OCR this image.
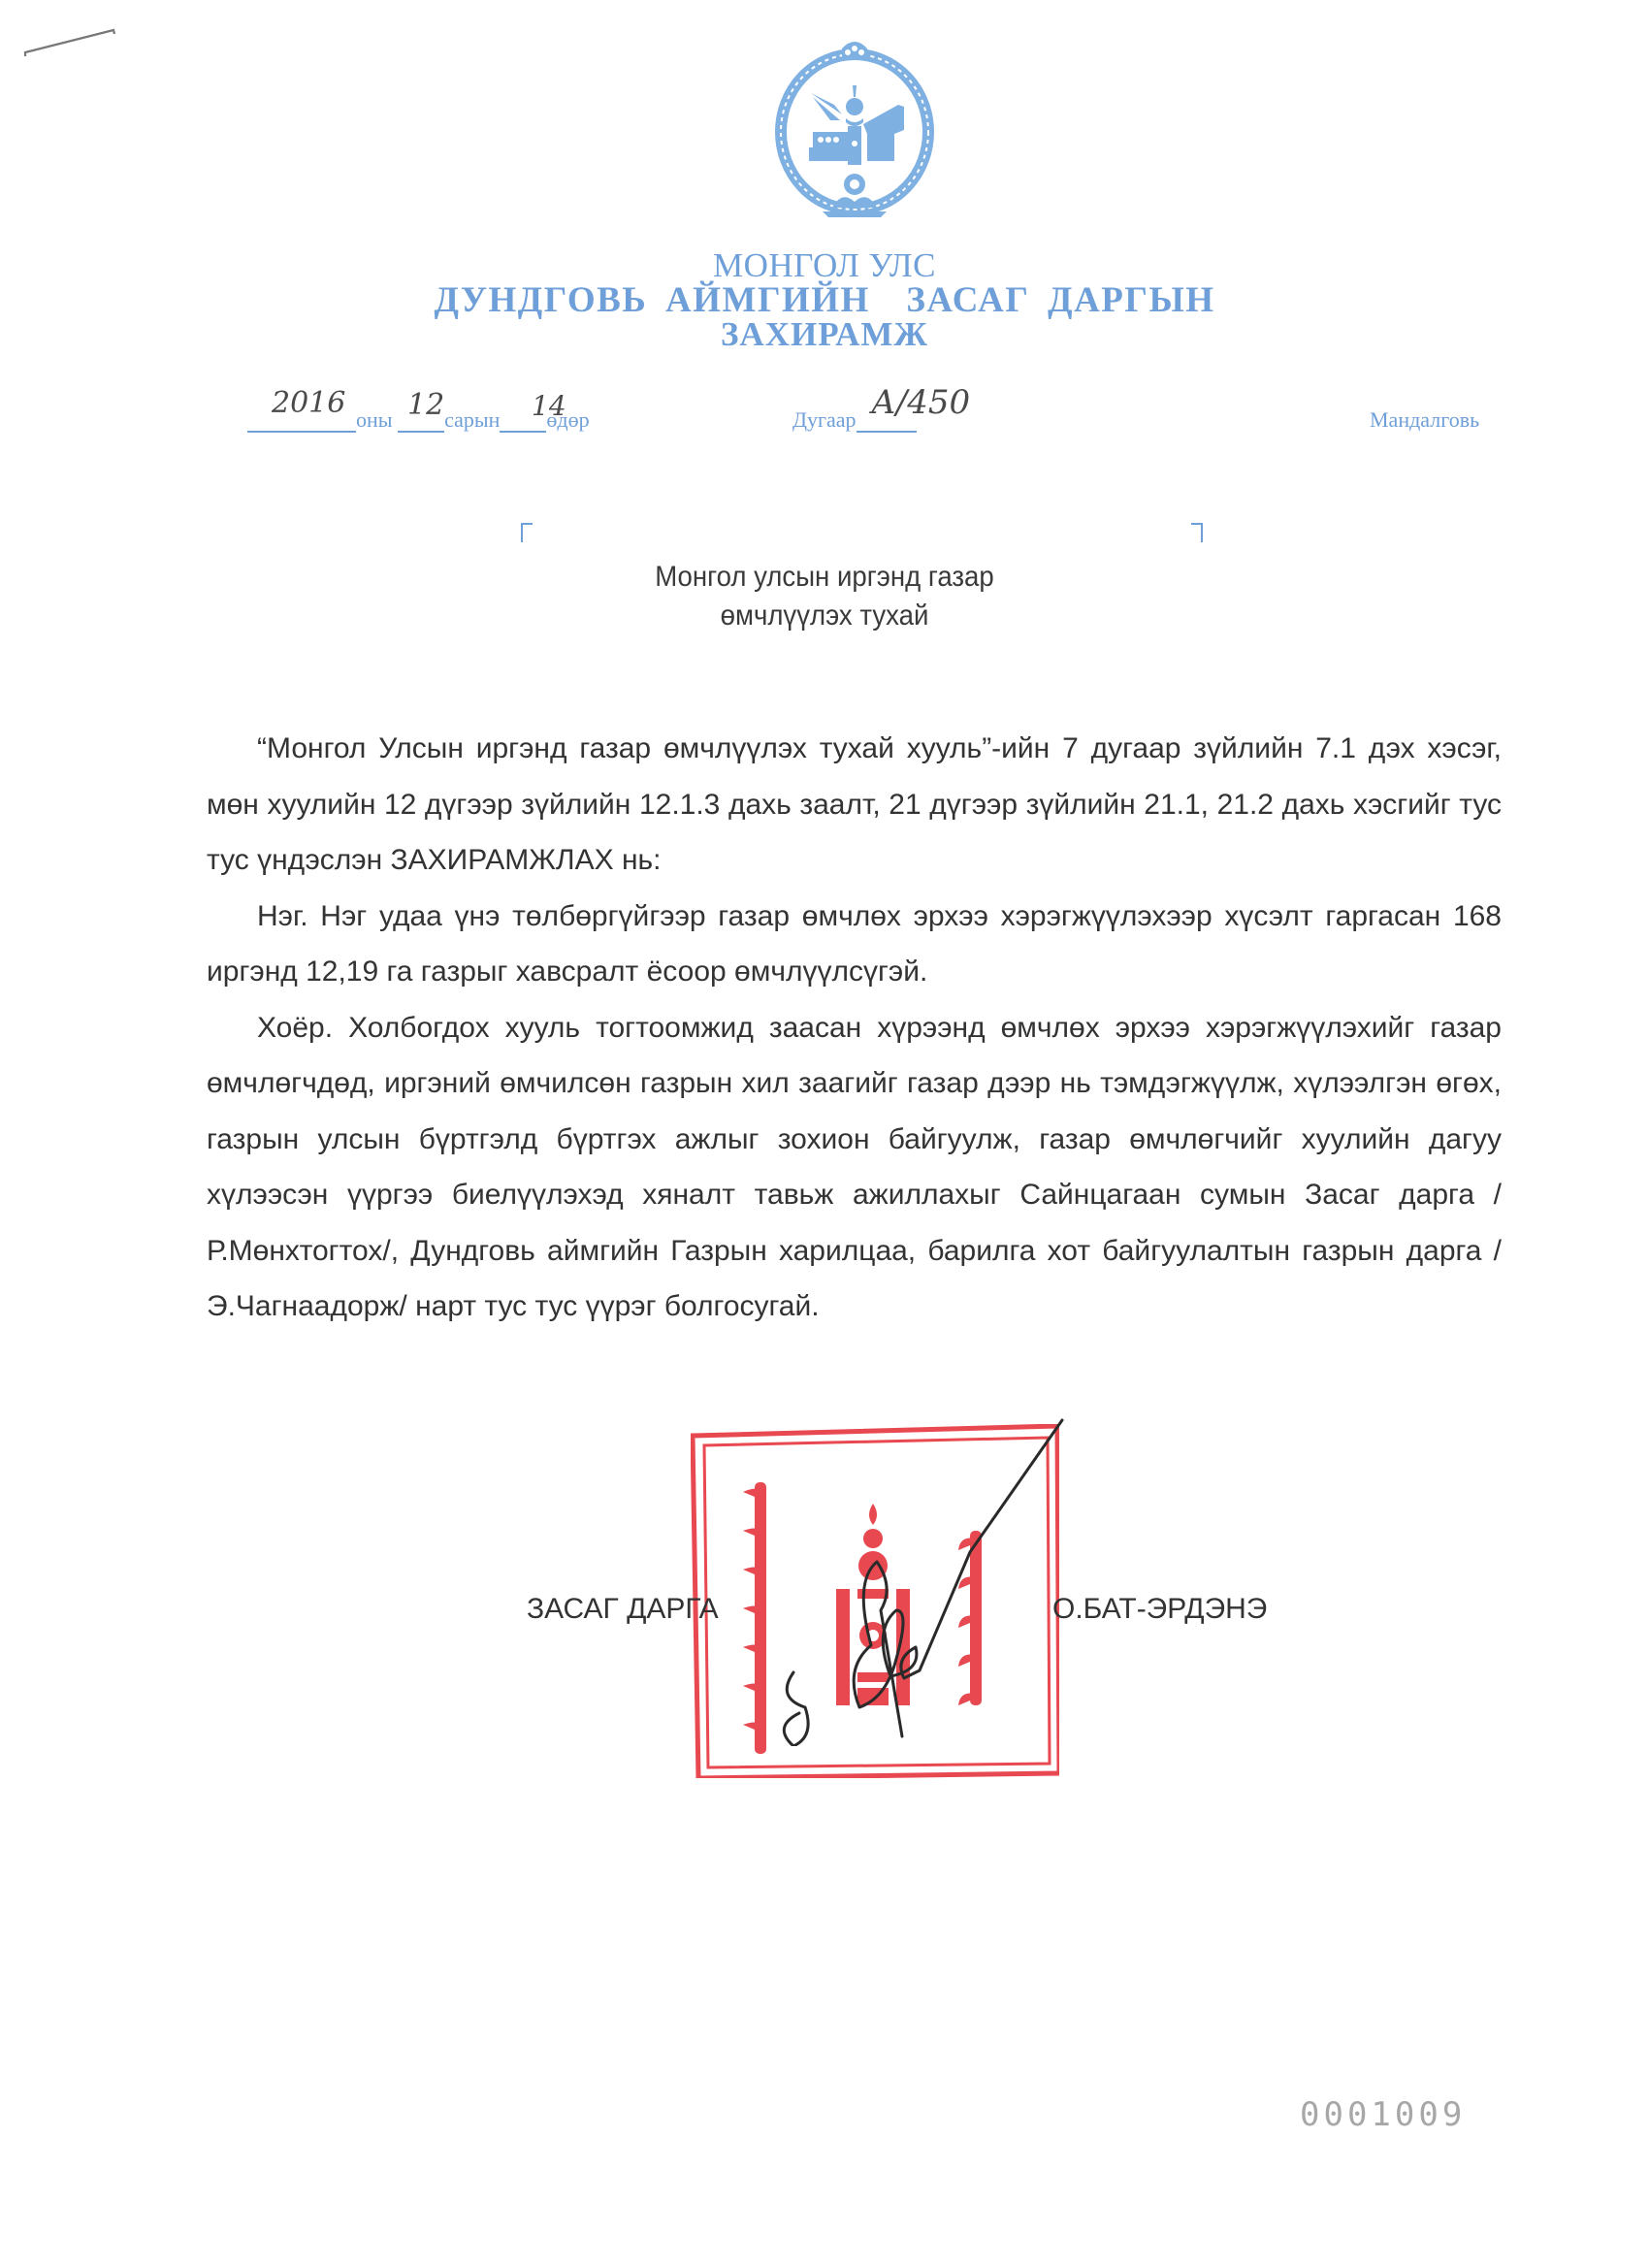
МОНГОЛ УЛС
ДУНДГОВЬ АЙМГИЙН  ЗАСАГ ДАРГЫН
ЗАХИРАМЖ
оны сарын өдөр
2016 12	14	Дугаар А/450	Мандалговь
Монгол улсын иргэнд газар
өмчлүүлэх тухай

“Монгол Улсын иргэнд газар өмчлүүлэх тухай хууль”-ийн 7 дугаар зүйлийн 7.1 дэх хэсэг, мөн хуулийн 12 дүгээр зүйлийн 12.1.3 дахь заалт, 21 дүгээр зүйлийн 21.1, 21.2 дахь хэсгийг тус тус үндэслэн ЗАХИРАМЖЛАХ нь:

Нэг. Нэг удаа үнэ төлбөргүйгээр газар өмчлөх эрхээ хэрэгжүүлэхээр хүсэлт гаргасан 168 иргэнд 12,19 га газрыг хавсралт ёсоор өмчлүүлсүгэй.

Хоёр. Холбогдох хууль тогтоомжид заасан хүрээнд өмчлөх эрхээ хэрэгжүүлэхийг газар өмчлөгчдөд, иргэний өмчилсөн газрын хил заагийг газар дээр нь тэмдэгжүүлж, хүлээлгэн өгөх, газрын улсын бүртгэлд бүртгэх ажлыг зохион байгуулж, газар өмчлөгчийг хуулийн дагуу хүлээсэн үүргээ биелүүлэхэд хяналт тавьж ажиллахыг Сайнцагаан сумын Засаг дарга /Р.Мөнхтогтох/, Дундговь аймгийн Газрын харилцаа, барилга хот байгуулалтын газрын дарга /Э.Чагнаадорж/ нарт тус тус үүрэг болгосугай.

ЗАСАГ ДАРГА	О.БАТ-ЭРДЭНЭ
0001009
